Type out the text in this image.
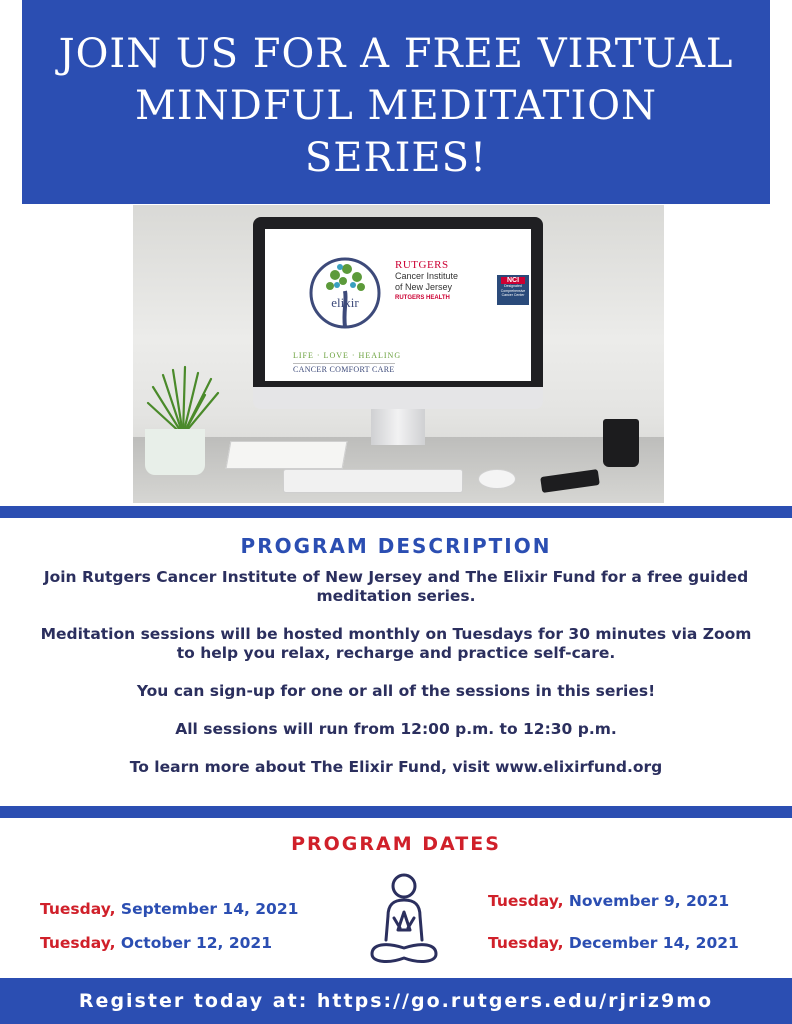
JOIN US FOR A FREE VIRTUAL
MINDFUL MEDITATION
SERIES!
elixir
LIFE · LOVE · HEALING
CANCER COMFORT CARE
RUTGERS
Cancer Institute
of New Jersey
RUTGERS HEALTH
NCI
Designated Comprehensive Cancer Center
PROGRAM DESCRIPTION

Join Rutgers Cancer Institute of New Jersey and The Elixir Fund for a free guided meditation series.

Meditation sessions will be hosted monthly on Tuesdays for 30 minutes via Zoom to help you relax, recharge and practice self-care.

You can sign-up for one or all of the sessions in this series!

All sessions will run from 12:00 p.m. to 12:30 p.m.

To learn more about The Elixir Fund, visit www.elixirfund.org

PROGRAM DATES
Tuesday, September 14, 2021
Tuesday, October 12, 2021
Tuesday, November 9, 2021
Tuesday, December 14, 2021
Register today at: https://go.rutgers.edu/rjriz9mo
